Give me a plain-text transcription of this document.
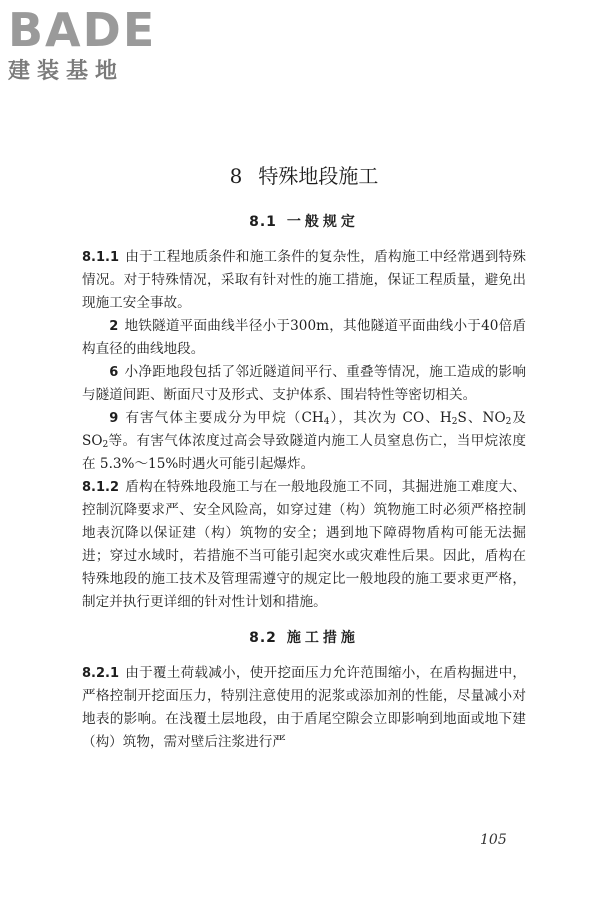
BADE
建装基地
8 特殊地段施工
8.1 一般规定

8.1.1 由于工程地质条件和施工条件的复杂性，盾构施工中经常遇到特殊情况。对于特殊情况，采取有针对性的施工措施，保证工程质量，避免出现施工安全事故。

2 地铁隧道平面曲线半径小于300m，其他隧道平面曲线小于40倍盾构直径的曲线地段。

6 小净距地段包括了邻近隧道间平行、重叠等情况，施工造成的影响与隧道间距、断面尺寸及形式、支护体系、围岩特性等密切相关。

9 有害气体主要成分为甲烷$(CH_4)$，其次为 CO、$H_2S$、$NO_2$及 $SO_2$等。有害气体浓度过高会导致隧道内施工人员窒息伤亡，当甲烷浓度在 5.3%～15%时遇火可能引起爆炸。

8.1.2 盾构在特殊地段施工与在一般地段施工不同，其掘进施工难度大、控制沉降要求严、安全风险高，如穿过建（构）筑物施工时必须严格控制地表沉降以保证建（构）筑物的安全；遇到地下障碍物盾构可能无法掘进；穿过水域时，若措施不当可能引起突水或灾难性后果。因此，盾构在特殊地段的施工技术及管理需遵守的规定比一般地段的施工要求更严格，制定并执行更详细的针对性计划和措施。

8.2 施工措施

8.2.1 由于覆土荷载减小，使开挖面压力允许范围缩小，在盾构掘进中，严格控制开挖面压力，特别注意使用的泥浆或添加剂的性能，尽量减小对地表的影响。在浅覆土层地段，由于盾尾空隙会立即影响到地面或地下建（构）筑物，需对壁后注浆进行严

105
